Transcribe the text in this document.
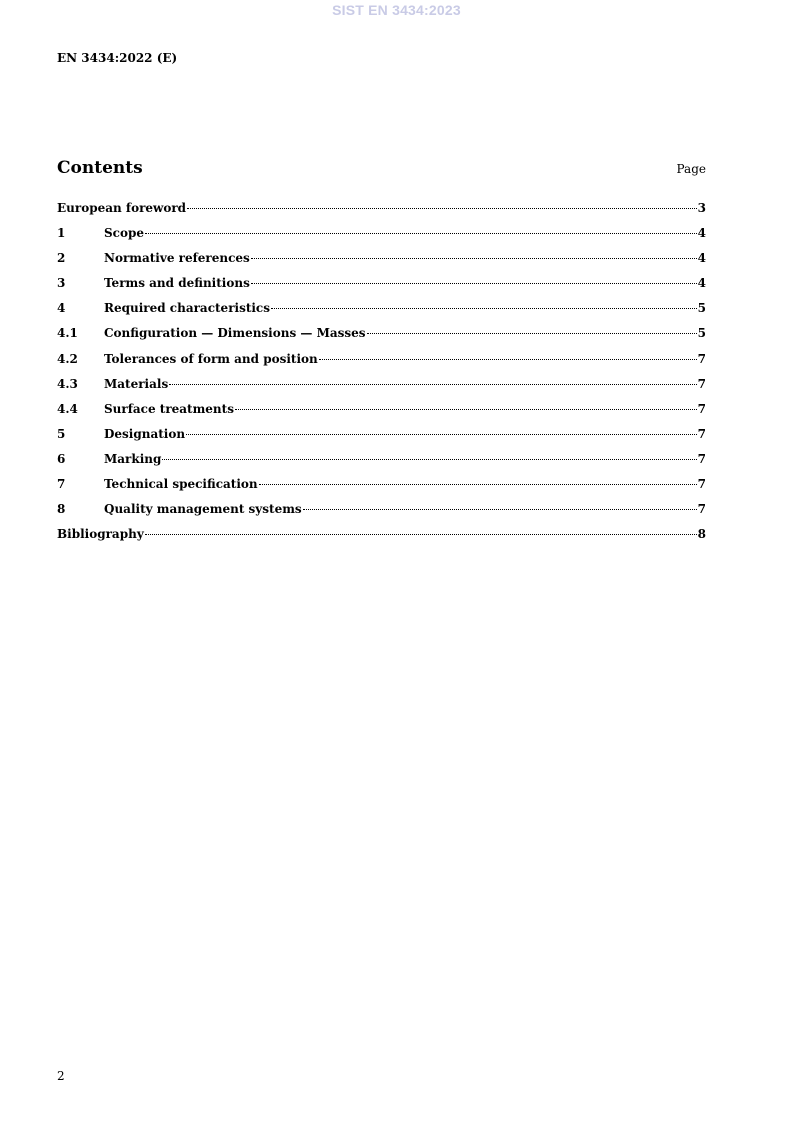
SIST EN 3434:2023
EN 3434:2022 (E)
Contents	Page
European foreword	3
1	Scope	4
2	Normative references	4
3	Terms and definitions	4
4	Required characteristics	5
4.1	Configuration — Dimensions — Masses	5
4.2	Tolerances of form and position	7
4.3	Materials	7
4.4	Surface treatments	7
5	Designation	7
6	Marking	7
7	Technical specification	7
8	Quality management systems	7
Bibliography	8
2
